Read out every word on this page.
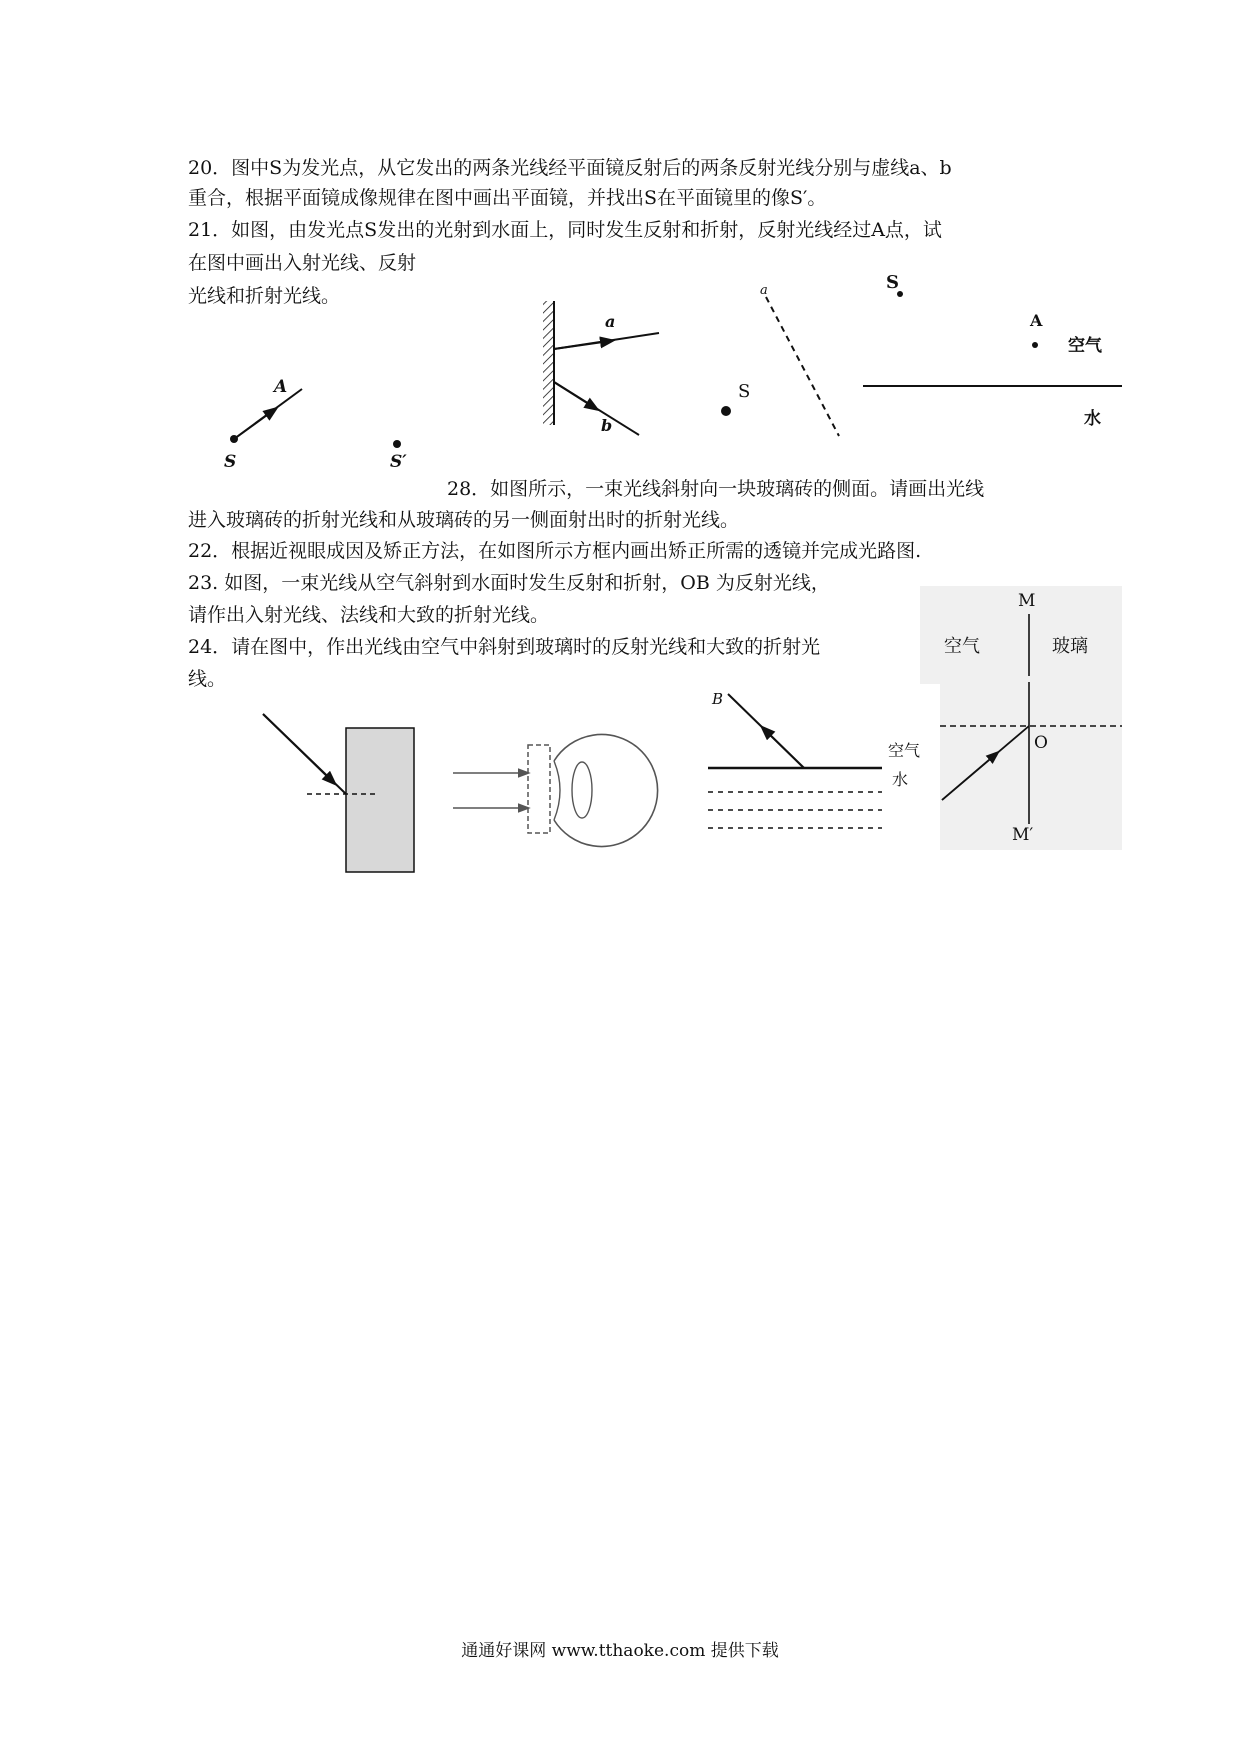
20．图中S为发光点，从它发出的两条光线经平面镜反射后的两条反射光线分别与虚线a、b
重合，根据平面镜成像规律在图中画出平面镜，并找出S在平面镜里的像S′。
21．如图，由发光点S发出的光射到水面上，同时发生反射和折射，反射光线经过A点，试
在图中画出入射光线、反射
光线和折射光线。
28．如图所示，一束光线斜射向一块玻璃砖的侧面。请画出光线
进入玻璃砖的折射光线和从玻璃砖的另一侧面射出时的折射光线。
22．根据近视眼成因及矫正方法，在如图所示方框内画出矫正所需的透镜并完成光路图.
23. 如图，一束光线从空气斜射到水面时发生反射和折射，OB 为反射光线，
请作出入射光线、法线和大致的折射光线。
24．请在图中，作出光线由空气中斜射到玻璃时的反射光线和大致的折射光
线。
A
S	S′
a
b
a
S
S
A
空气
水
B
空气
水
M
空气	玻璃
O
M′
通通好课网 www.tthaoke.com 提供下载
